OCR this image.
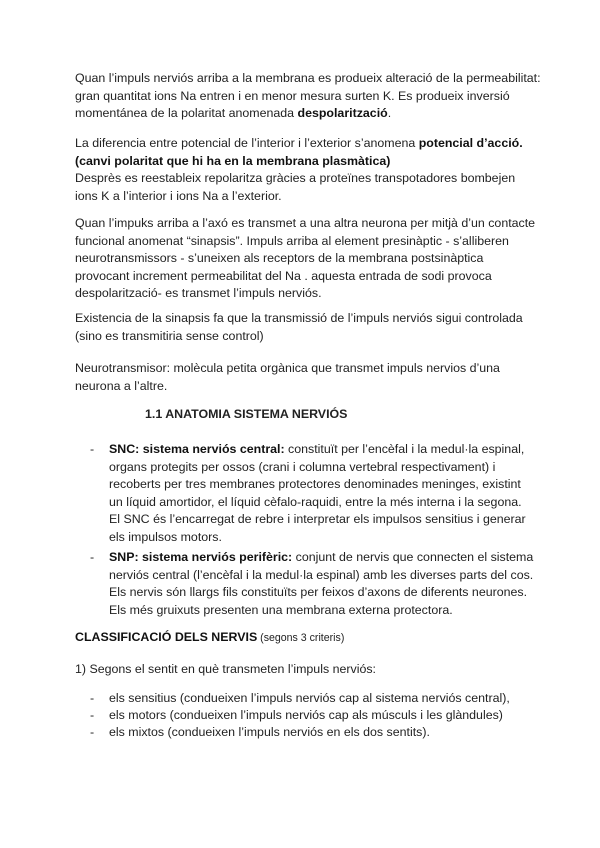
Quan l’impuls nerviós arriba a la membrana es produeix alteració de la permeabilitat:
gran quantitat ions Na entren i en menor mesura surten K. Es produeix inversió
momentánea de la polaritat anomenada despolarització.
La diferencia entre potencial de l’interior i l’exterior s’anomena potencial d’acció.
(canvi polaritat que hi ha en la membrana plasmàtica)
Desprès es reestableix repolaritza gràcies a proteïnes transpotadores bombejen
ions K a l’interior i ions Na a l’exterior.
Quan l’impuks arriba a l’axó es transmet a una altra neurona per mitjà d’un contacte
funcional anomenat “sinapsis”. Impuls arriba al element presinàptic - s’alliberen
neurotransmissors - s’uneixen als receptors de la membrana postsinàptica
provocant increment permeabilitat del Na . aquesta entrada de sodi provoca
despolarització- es transmet l’impuls nerviós.
Existencia de la sinapsis fa que la transmissió de l’impuls nerviós sigui controlada
(sino es transmitiria sense control)
Neurotransmisor: molècula petita orgànica que transmet impuls nervios d’una
neurona a l’altre.
1.1 ANATOMIA SISTEMA NERVIÓS
- SNC: sistema nerviós central: constituït per l’encèfal i la medul·la espinal,
organs protegits per ossos (crani i columna vertebral respectivament) i
recoberts per tres membranes protectores denominades meninges, existint
un líquid amortidor, el líquid cèfalo-raquidi, entre la més interna i la segona.
El SNC és l’encarregat de rebre i interpretar els impulsos sensitius i generar
els impulsos motors.
- SNP: sistema nerviós perifèric: conjunt de nervis que connecten el sistema
nerviós central (l’encèfal i la medul·la espinal) amb les diverses parts del cos.
Els nervis són llargs fils constituïts per feixos d’axons de diferents neurones.
Els més gruixuts presenten una membrana externa protectora.
CLASSIFICACIÓ DELS NERVIS (segons 3 criteris)
1) Segons el sentit en què transmeten l’impuls nerviós:
- els sensitius (condueixen l’impuls nerviós cap al sistema nerviós central),
- els motors (condueixen l’impuls nerviós cap als músculs i les glàndules)
- els mixtos (condueixen l’impuls nerviós en els dos sentits).
